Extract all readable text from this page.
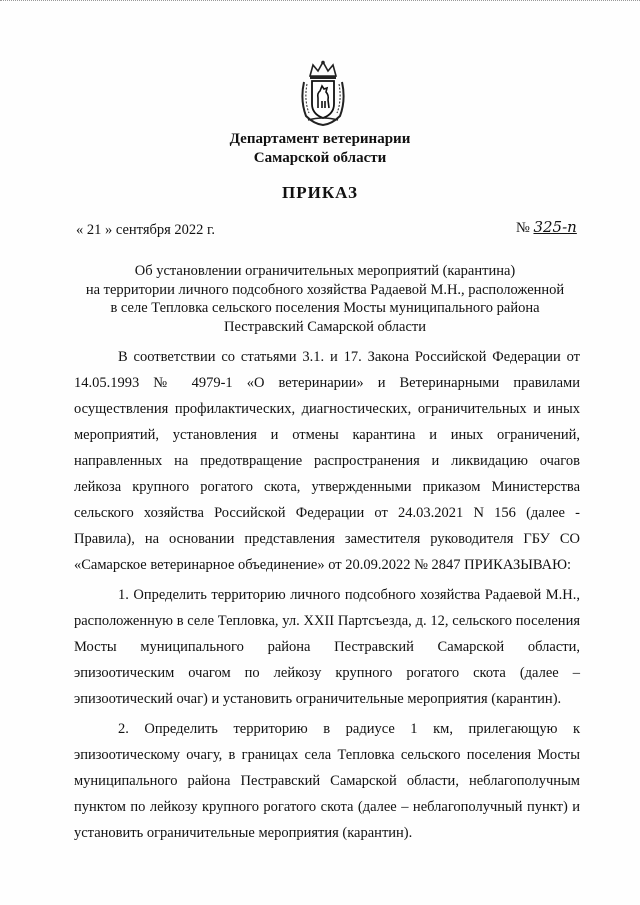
Департамент ветеринарии
Самарской области
ПРИКАЗ
« 21 » сентября 2022 г.	№ 325-n
Об установлении ограничительных мероприятий (карантина)
на территории личного подсобного хозяйства Радаевой М.Н., расположенной
в селе Тепловка сельского поселения Мосты муниципального района
Пестравский Самарской области

В соответствии со статьями 3.1. и 17. Закона Российской Федерации от 14.05.1993 № 4979-1 «О ветеринарии» и Ветеринарными правилами осуществления профилактических, диагностических, ограничительных и иных мероприятий, установления и отмены карантина и иных ограничений, направленных на предотвращение распространения и ликвидацию очагов лейкоза крупного рогатого скота, утвержденными приказом Министерства сельского хозяйства Российской Федерации от 24.03.2021 N 156 (далее - Правила), на основании представления заместителя руководителя ГБУ СО «Самарское ветеринарное объединение» от 20.09.2022 № 2847 ПРИКАЗЫВАЮ:

1. Определить территорию личного подсобного хозяйства Радаевой М.Н., расположенную в селе Тепловка, ул. XXII Партсъезда, д. 12, сельского поселения Мосты муниципального района Пестравский Самарской области, эпизоотическим очагом по лейкозу крупного рогатого скота (далее – эпизоотический очаг) и установить ограничительные мероприятия (карантин).

2. Определить территорию в радиусе 1 км, прилегающую к эпизоотическому очагу, в границах села Тепловка сельского поселения Мосты муниципального района Пестравский Самарской области, неблагополучным пунктом по лейкозу крупного рогатого скота (далее – неблагополучный пункт) и установить ограничительные мероприятия (карантин).
